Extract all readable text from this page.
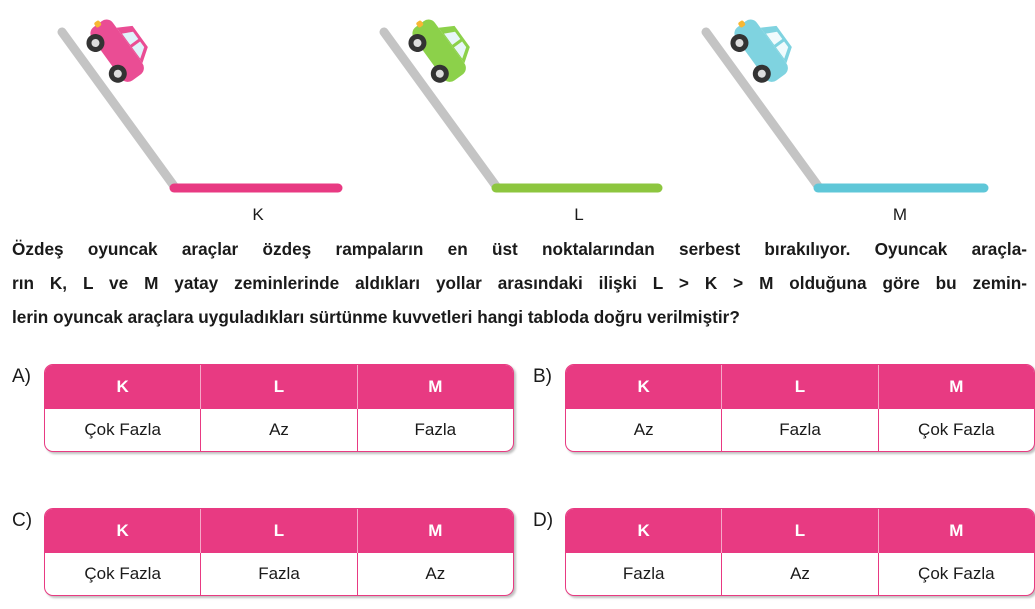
K	L	M
Özdeş oyuncak araçlar özdeş rampaların en üst noktalarından serbest bırakılıyor. Oyuncak araçla-
rın K, L ve M yatay zeminlerinde aldıkları yollar arasındaki ilişki L > K > M olduğuna göre bu zemin-
lerin oyuncak araçlara uyguladıkları sürtünme kuvvetleri hangi tabloda doğru verilmiştir?
A)	K	L	M
Çok Fazla	Az	Fazla
B)	K	L	M
Az	Fazla	Çok Fazla
C)	K	L	M
Çok Fazla	Fazla	Az
D)	K	L	M
Fazla	Az	Çok Fazla
